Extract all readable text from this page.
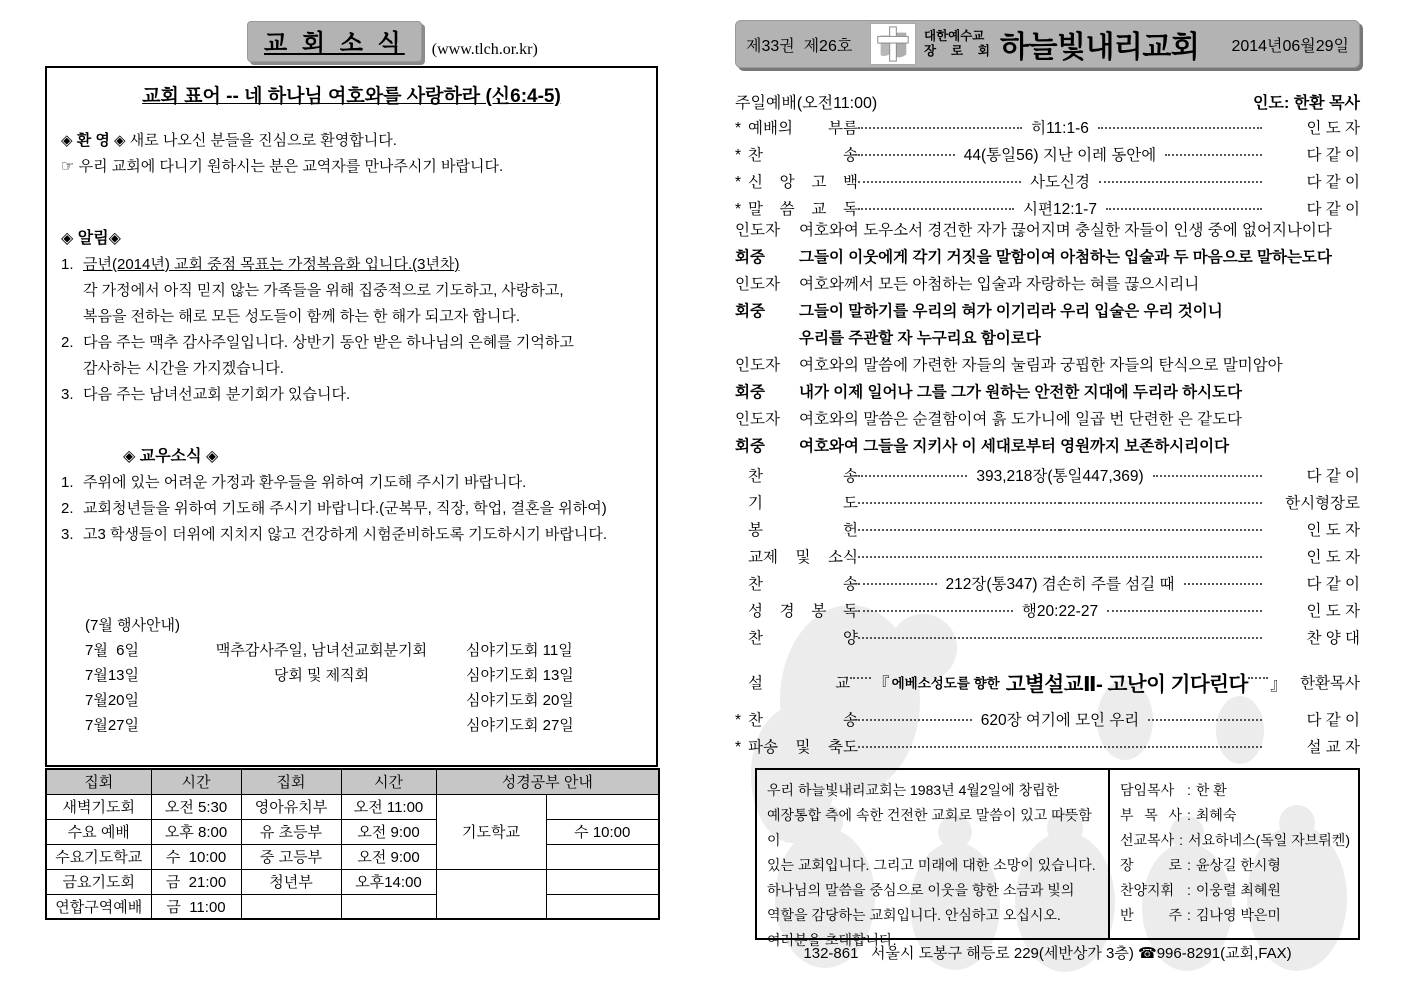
교 회 소 식	(www.tlch.or.kr)
교회 표어 -- 네 하나님 여호와를 사랑하라 (신6:4-5)
◈ 환 영 ◈ 새로 나오신 분들을 진심으로 환영합니다.
☞ 우리 교회에 다니기 원하시는 분은 교역자를 만나주시기 바랍니다.
◈ 알림◈
1. 금년(2014년) 교회 중점 목표는 가정복음화 입니다.(3년차)
각 가정에서 아직 믿지 않는 가족들을 위해 집중적으로 기도하고, 사랑하고,
복음을 전하는 해로 모든 성도들이 함께 하는 한 해가 되고자 합니다.
2. 다음 주는 맥추 감사주일입니다. 상반기 동안 받은 하나님의 은혜를 기억하고
감사하는 시간을 가지겠습니다.
3. 다음 주는 남녀선교회 분기회가 있습니다.
◈ 교우소식 ◈
1. 주위에 있는 어려운 가정과 환우들을 위하여 기도해 주시기 바랍니다.
2. 교회청년들을 위하여 기도해 주시기 바랍니다.(군복무, 직장, 학업, 결혼을 위하여)
3. 고3 학생들이 더위에 지치지 않고 건강하게 시험준비하도록 기도하시기 바랍니다.
(7월 행사안내)
7월  6일	맥추감사주일, 남녀선교회분기회	심야기도회 11일
7월13일	당회 및 제직회	심야기도회 13일
7월20일	심야기도회 20일
7월27일	심야기도회 27일
집회	시간	집회	시간	성경공부 안내	
새벽기도회	오전 5:30	영아유치부	오전 11:00	기도학교	
수요 예배	오후 8:00	유 초등부	오전 9:00		수 10:00
수요기도학교	수  10:00	중 고등부	오전 9:00		
금요기도회	금  21:00	청년부	오후14:00		
연합구역예배	금  11:00				
제33권  제26호
대한예수교
장 로 회 하늘빛내리교회 2014년06월29일
주일예배(오전11:00)	인도: 한환 목사
* 예배의 부름	히11:1-6	인 도 자
* 찬 송	44(통일56) 지난 이레 동안에	다 같 이
* 신 앙 고 백	사도신경	다 같 이
* 말 씀 교 독	시편12:1-7	다 같 이
인도자	여호와여 도우소서 경건한 자가 끊어지며 충실한 자들이 인생 중에 없어지나이다
회중	그들이 이웃에게 각기 거짓을 말함이여 아첨하는 입술과 두 마음으로 말하는도다
인도자	여호와께서 모든 아첨하는 입술과 자랑하는 혀를 끊으시리니
회중	그들이 말하기를 우리의 혀가 이기리라 우리 입술은 우리 것이니
우리를 주관할 자 누구리요 함이로다
인도자	여호와의 말씀에 가련한 자들의 눌림과 궁핍한 자들의 탄식으로 말미암아
회중	내가 이제 일어나 그를 그가 원하는 안전한 지대에 두리라 하시도다
인도자	여호와의 말씀은 순결함이여 흙 도가니에 일곱 번 단련한 은 같도다
회중	여호와여 그들을 지키사 이 세대로부터 영원까지 보존하시리이다
찬 송	393,218장(통일447,369)	다 같 이
기 도	한시형장로
봉 헌	인 도 자
교제 및 소식	인 도 자
찬 송	212장(통347) 겸손히 주를 섬길 때	다 같 이
성 경 봉 독	행20:22-27	인 도 자
찬 양	찬 양 대
설 교 『 에베소성도를 향한 고별설교Ⅱ- 고난이 기다린다 』 한환목사
* 찬 송	620장 여기에 모인 우리	다 같 이
* 파송 및 축도	설 교 자
우리 하늘빛내리교회는 1983년 4월2일에 창립한
예장통합 측에 속한 건전한 교회로 말씀이 있고 따뜻함이
있는 교회입니다. 그리고 미래에 대한 소망이 있습니다.
하나님의 말씀을 중심으로 이웃을 향한 소금과 빛의
역할을 감당하는 교회입니다. 안심하고 오십시오.
여러분을 초대합니다.
담임목사 : 한 환
부 목 사 : 최혜숙
선교목사 : 서요하네스(독일 자브뤼켄)
장 로 : 윤상길 한시형
찬양지휘 : 이웅렬 최혜원
반 주 : 김나영 박은미
132-861   서울시 도봉구 해등로 229(세반상가 3층) ☎996-8291(교회,FAX)
